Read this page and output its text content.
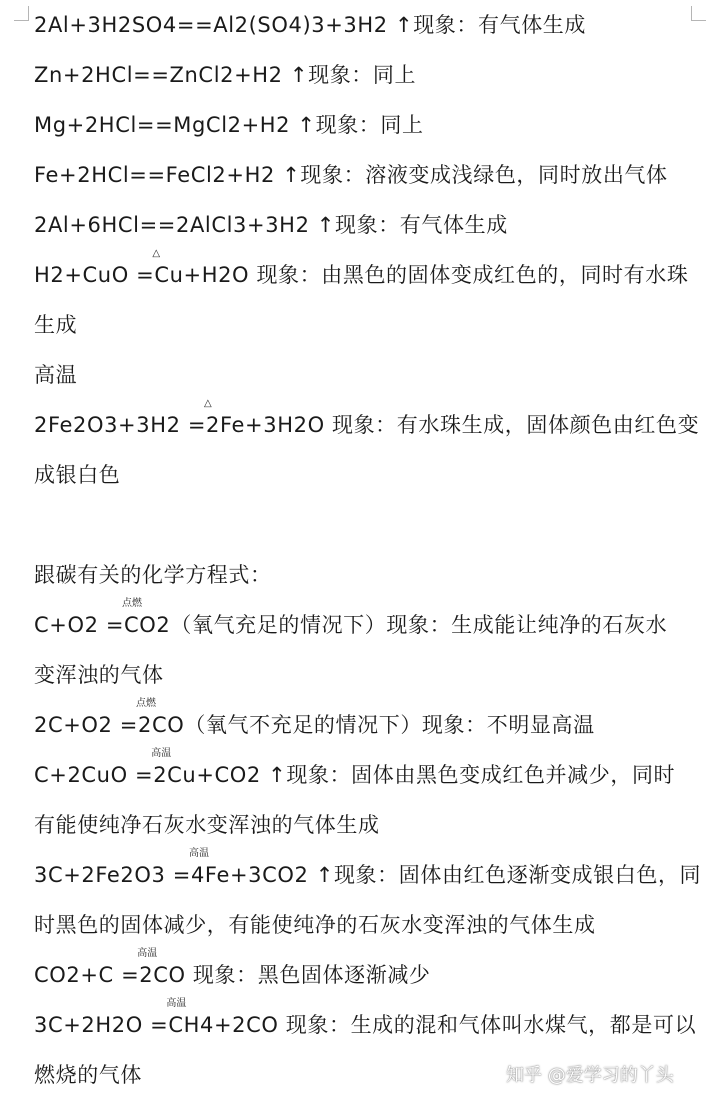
2Al+3H2SO4==Al2(SO4)3+3H2 ↑现象：有气体生成
Zn+2HCl==ZnCl2+H2 ↑现象：同上
Mg+2HCl==MgCl2+H2 ↑现象：同上
Fe+2HCl==FeCl2+H2 ↑现象：溶液变成浅绿色，同时放出气体
2Al+6HCl==2AlCl3+3H2 ↑现象：有气体生成
H2+CuO =
△
Cu+H2O 现象：由黑色的固体变成红色的，同时有水珠
生成
高温
2Fe2O3+3H2 =
△
2Fe+3H2O 现象：有水珠生成，固体颜色由红色变
成银白色
跟碳有关的化学方程式：
C+O2 =
点燃
CO2（氧气充足的情况下）现象：生成能让纯净的石灰水
变浑浊的气体
2C+O2 =
点燃
2CO（氧气不充足的情况下）现象：不明显高温
C+2CuO =
高温
2Cu+CO2 ↑现象：固体由黑色变成红色并减少，同时
有能使纯净石灰水变浑浊的气体生成
3C+2Fe2O3 =
高温
4Fe+3CO2 ↑现象：固体由红色逐渐变成银白色，同
时黑色的固体减少，有能使纯净的石灰水变浑浊的气体生成
CO2+C =
高温
2CO 现象：黑色固体逐渐减少
3C+2H2O =
高温
CH4+2CO 现象：生成的混和气体叫水煤气，都是可以
燃烧的气体	知乎 @爱学习的丫头
